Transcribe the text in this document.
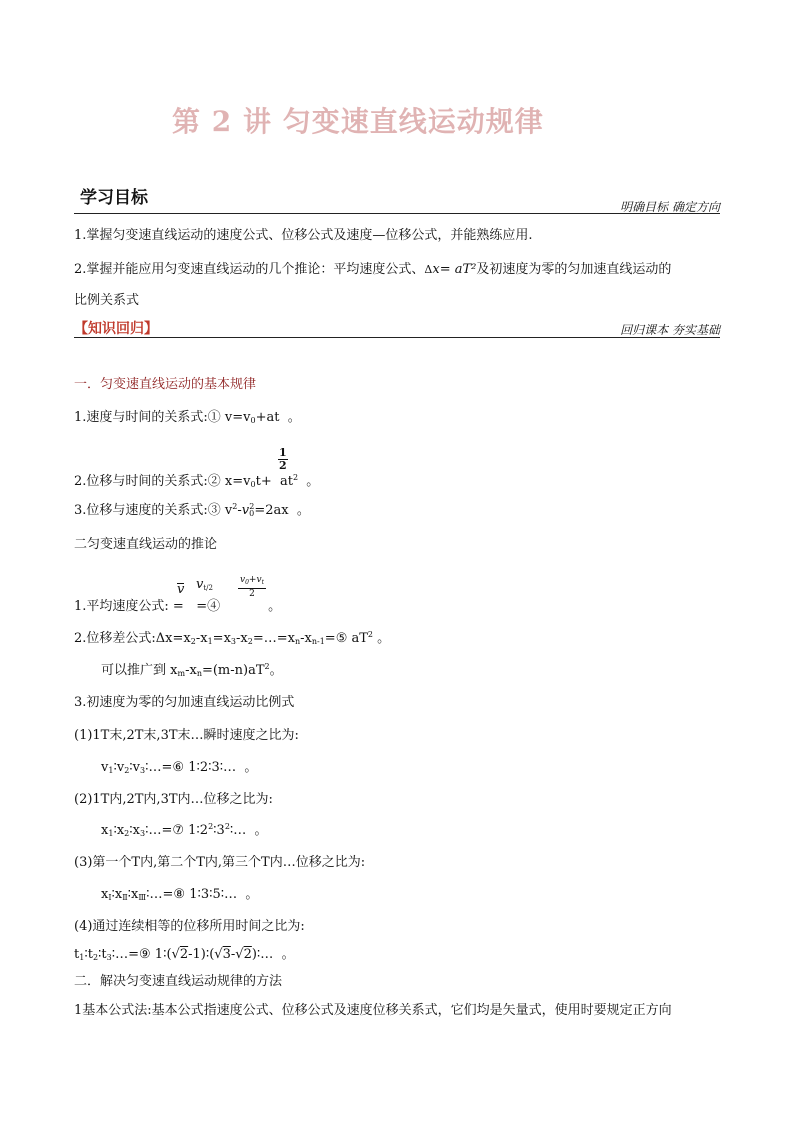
第 2 讲 匀变速直线运动规律
学习目标	明确目标 确定方向
1.掌握匀变速直线运动的速度公式、位移公式及速度—位移公式，并能熟练应用.
2.掌握并能应用匀变速直线运动的几个推论：平均速度公式、Δx= aT²及初速度为零的匀加速直线运动的
比例关系式
【知识回归】	回归课本 夯实基础
一．匀变速直线运动的基本规律
1.速度与时间的关系式:① $v=v_0+at$  。
1
2
2.位移与时间的关系式:② $x=v_0t+ at^2$  。
3.位移与速度的关系式:③ $v^2-v_0^2=2ax$  。
二匀变速直线运动的推论
v $v_{t/2}$
$v_0+v_t$
2
1.平均速度公式: =   =④	。
2.位移差公式$:\Delta x=x_2-x_1=x_3-x_2=\dots=x_n-x_{n-1}=⑤$ $aT^2$ 。
可以推广到 $x_m-x_n=(m-n)aT^2$。
3.初速度为零的匀加速直线运动比例式
(1)1T末,2T末,3T末…瞬时速度之比为:
$v_1∶v_2∶v_3∶\dots=⑥$ 1∶2∶3∶…  。
(2)1T内,2T内,3T内…位移之比为:
$x_1∶x_2∶x_3∶\dots=⑦$ $1∶2^2∶3^2∶\dots$  。
(3)第一个T内,第二个T内,第三个T内…位移之比为:
$x_Ⅰ∶x_Ⅱ∶x_Ⅲ∶\dots=⑧$ 1∶3∶5∶…  。
(4)通过连续相等的位移所用时间之比为:
$t_1∶t_2∶t_3∶\dots=⑨$ 1∶(√2-1)∶(√3-√2)∶…  。
二．解决匀变速直线运动规律的方法
1基本公式法:基本公式指速度公式、位移公式及速度位移关系式，它们均是矢量式，使用时要规定正方向
